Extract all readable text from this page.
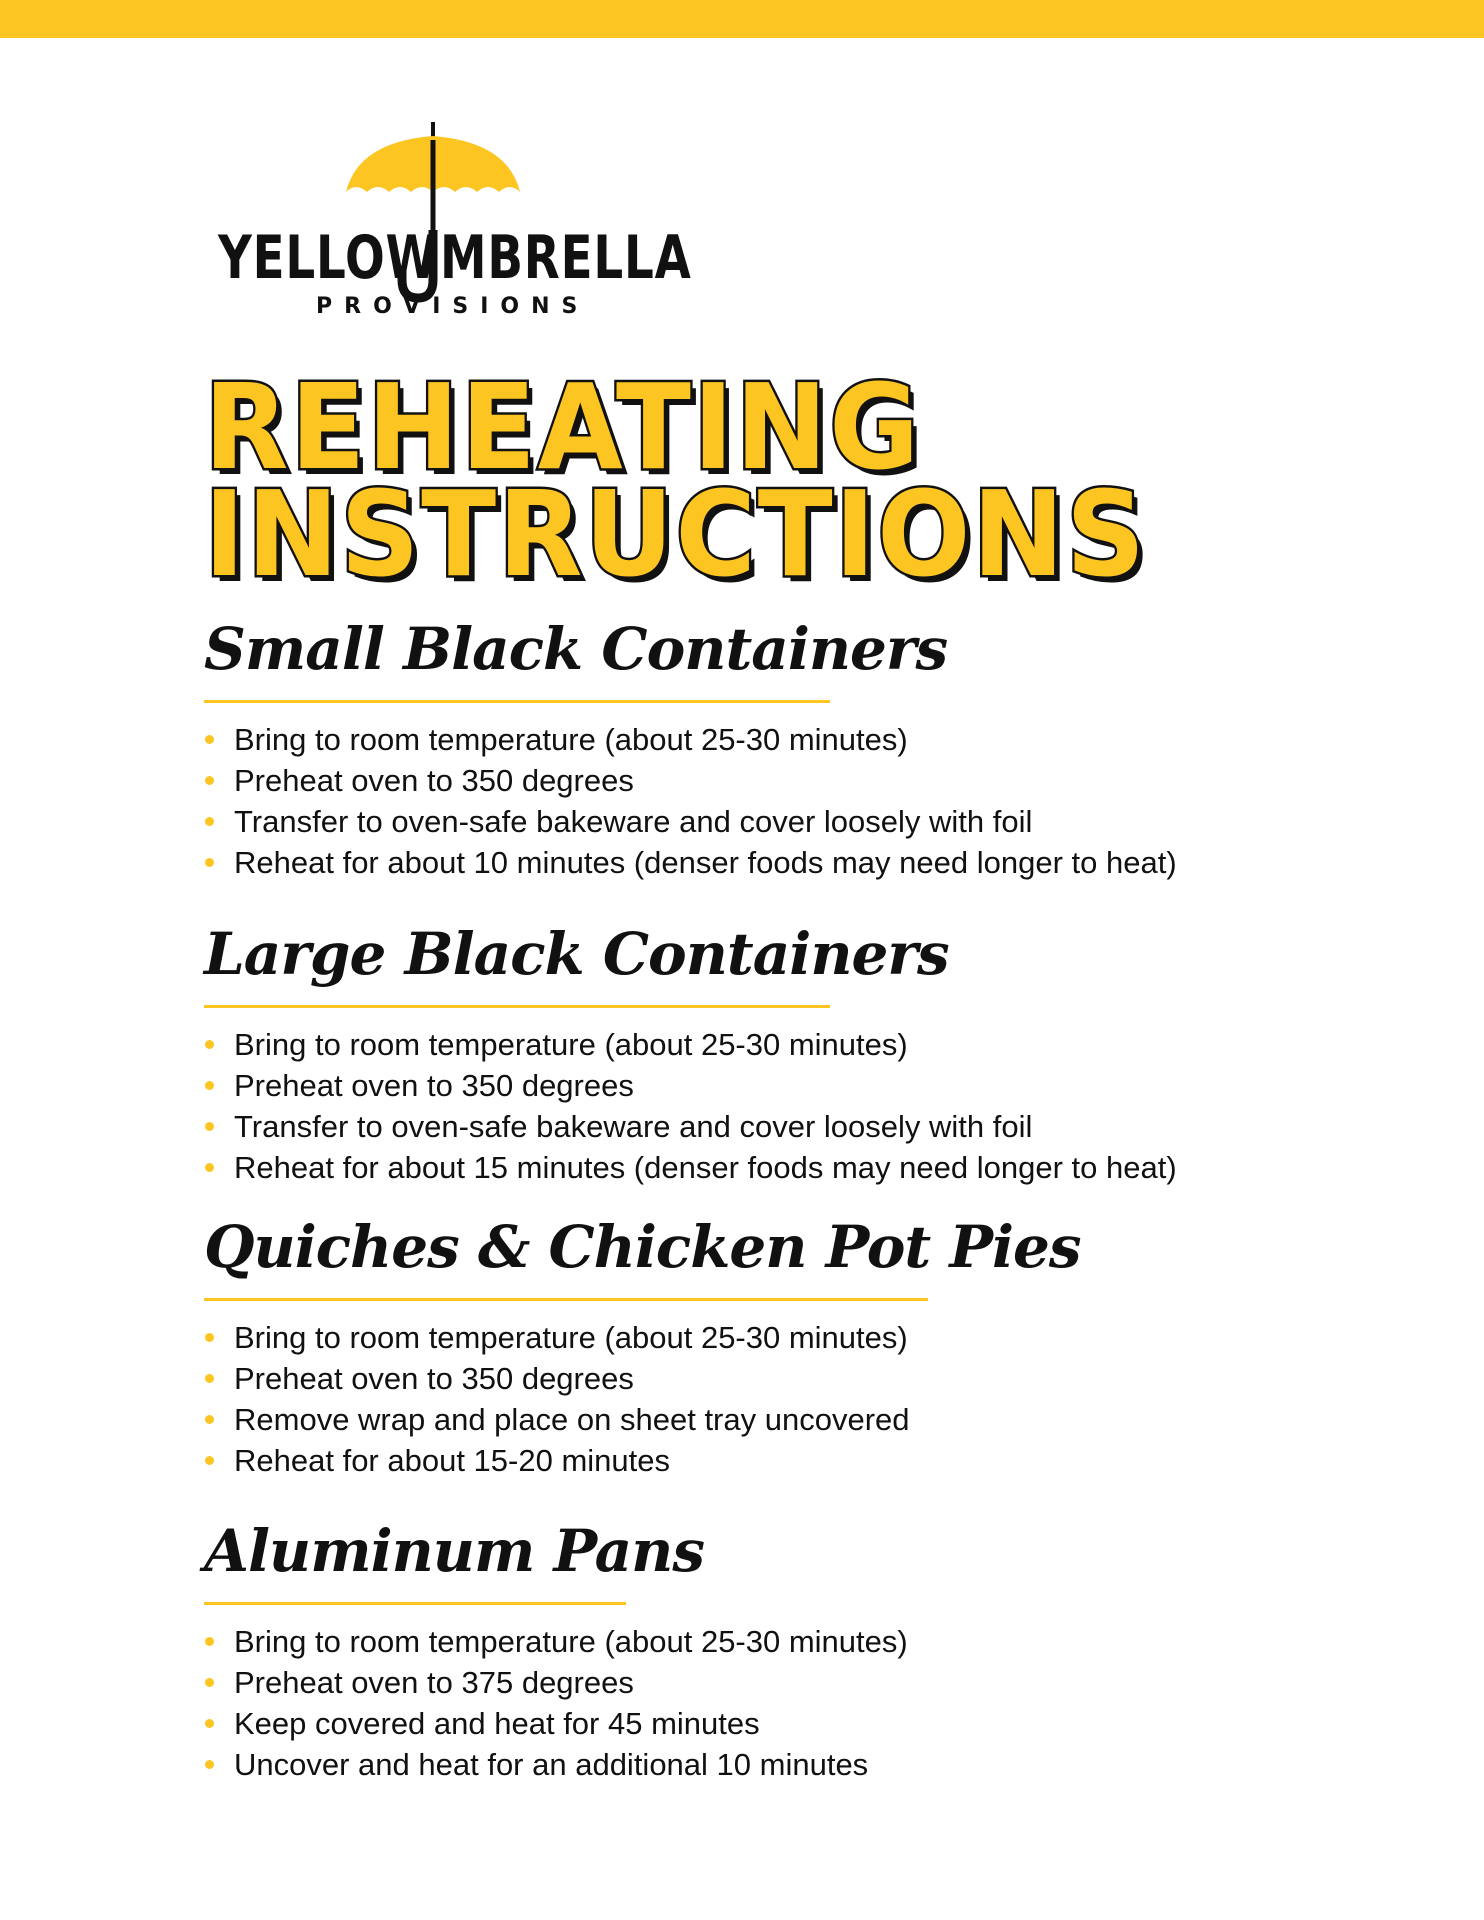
YELLOW MBRELLA
PROVISIONS
REHEATING
INSTRUCTIONS
Small Black Containers
Bring to room temperature (about 25-30 minutes)
Preheat oven to 350 degrees
Transfer to oven-safe bakeware and cover loosely with foil
Reheat for about 10 minutes (denser foods may need longer to heat)
Large Black Containers
Bring to room temperature (about 25-30 minutes)
Preheat oven to 350 degrees
Transfer to oven-safe bakeware and cover loosely with foil
Reheat for about 15 minutes (denser foods may need longer to heat)
Quiches & Chicken Pot Pies
Bring to room temperature (about 25-30 minutes)
Preheat oven to 350 degrees
Remove wrap and place on sheet tray uncovered
Reheat for about 15-20 minutes
Aluminum Pans
Bring to room temperature (about 25-30 minutes)
Preheat oven to 375 degrees
Keep covered and heat for 45 minutes
Uncover and heat for an additional 10 minutes
